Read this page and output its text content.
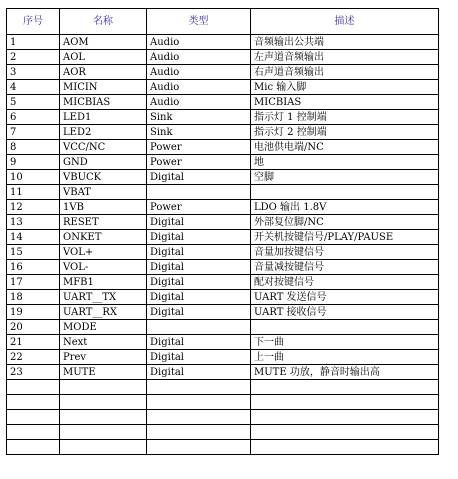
序号	名称	类型	描述
1	AOM	Audio	音频输出公共端
2	AOL	Audio	左声道音频输出
3	AOR	Audio	右声道音频输出
4	MICIN	Audio	Mic 输入脚
5	MICBIAS	Audio	MICBIAS
6	LED1	Sink	指示灯 1 控制端
7	LED2	Sink	指示灯 2 控制端
8	VCC/NC	Power	电池供电端/NC
9	GND	Power	地
10	VBUCK	Digital	空脚
11	VBAT		
12	1VB	Power	LDO 输出 1.8V
13	RESET	Digital	外部复位脚/NC
14	ONKET	Digital	开关机按键信号/PLAY/PAUSE
15	VOL+	Digital	音量加按键信号
16	VOL-	Digital	音量减按键信号
17	MFB1	Digital	配对按键信号
18	UART__TX	Digital	UART 发送信号
19	UART__RX	Digital	UART 接收信号
20	MODE		
21	Next	Digital	下一曲
22	Prev	Digital	上一曲
23	MUTE	Digital	MUTE 功放，静音时输出高
